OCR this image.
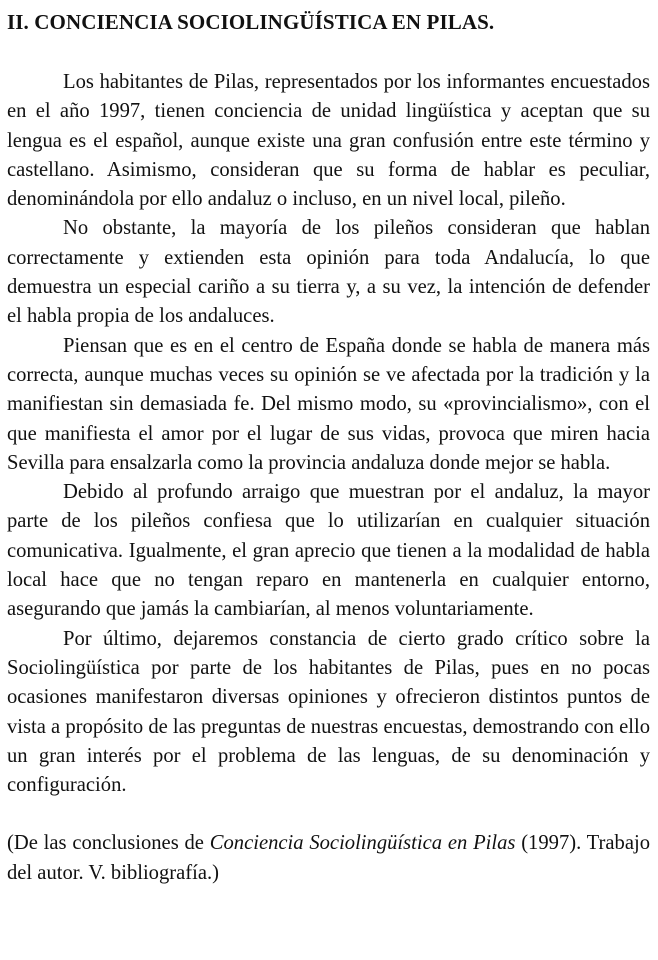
II. CONCIENCIA SOCIOLINGÜÍSTICA EN PILAS.

Los habitantes de Pilas, representados por los informantes encuestados en el año 1997, tienen conciencia de unidad lingüística y aceptan que su lengua es el español, aunque existe una gran confusión entre este término y castellano. Asimismo, consideran que su forma de hablar es peculiar, denominándola por ello andaluz o incluso, en un nivel local, pileño.

No obstante, la mayoría de los pileños consideran que hablan correctamente y extienden esta opinión para toda Andalucía, lo que demuestra un especial cariño a su tierra y, a su vez, la intención de defender el habla propia de los andaluces.

Piensan que es en el centro de España donde se habla de manera más correcta, aunque muchas veces su opinión se ve afectada por la tradición y la manifiestan sin demasiada fe. Del mismo modo, su «provincialismo», con el que manifiesta el amor por el lugar de sus vidas, provoca que miren hacia Sevilla para ensalzarla como la provincia andaluza donde mejor se habla.

Debido al profundo arraigo que muestran por el andaluz, la mayor parte de los pileños confiesa que lo utilizarían en cualquier situación comunicativa. Igualmente, el gran aprecio que tienen a la modalidad de habla local hace que no tengan reparo en mantenerla en cualquier entorno, asegurando que jamás la cambiarían, al menos voluntariamente.

Por último, dejaremos constancia de cierto grado crítico sobre la Sociolingüística por parte de los habitantes de Pilas, pues en no pocas ocasiones manifestaron diversas opiniones y ofrecieron distintos puntos de vista a propósito de las preguntas de nuestras encuestas, demostrando con ello un gran interés por el problema de las lenguas, de su denominación y configuración.

(De las conclusiones de Conciencia Sociolingüística en Pilas (1997). Trabajo del autor. V. bibliografía.)
